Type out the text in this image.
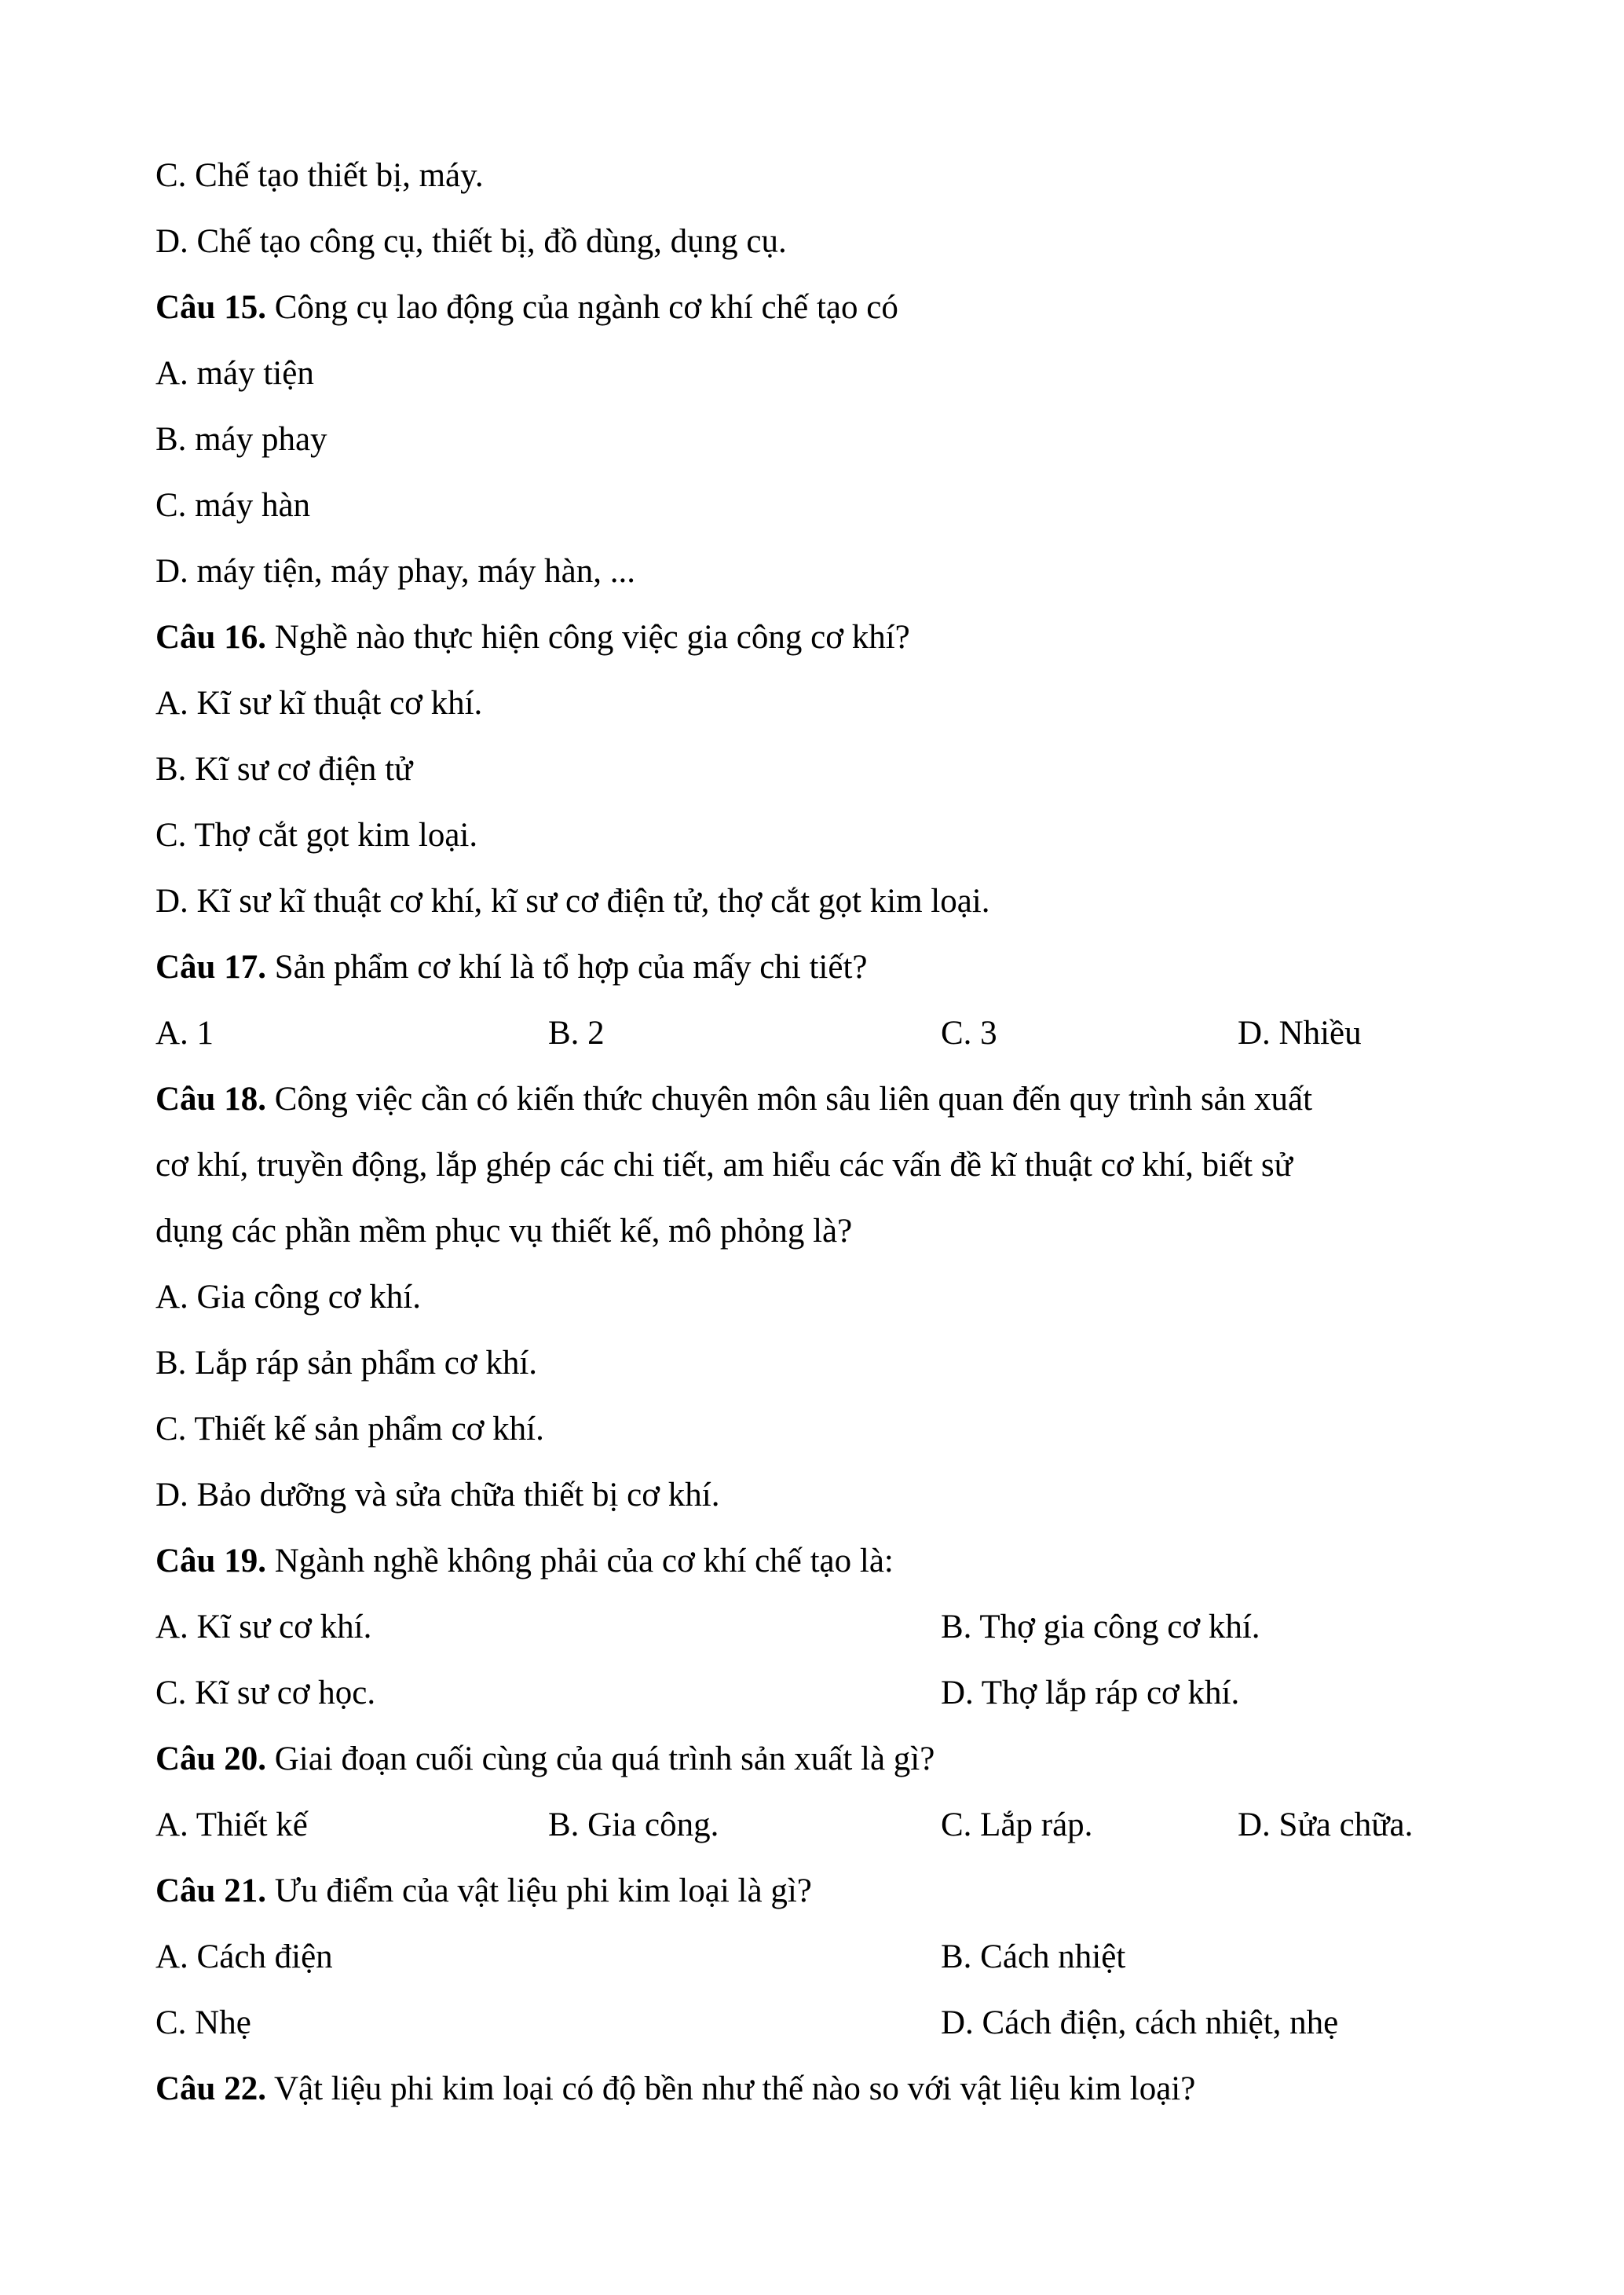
C. Chế tạo thiết bị, máy.
D. Chế tạo công cụ, thiết bị, đồ dùng, dụng cụ.
Câu 15. Công cụ lao động của ngành cơ khí chế tạo có
A. máy tiện
B. máy phay
C. máy hàn
D. máy tiện, máy phay, máy hàn, ...
Câu 16. Nghề nào thực hiện công việc gia công cơ khí?
A. Kĩ sư kĩ thuật cơ khí.
B. Kĩ sư cơ điện tử
C. Thợ cắt gọt kim loại.
D. Kĩ sư kĩ thuật cơ khí, kĩ sư cơ điện tử, thợ cắt gọt kim loại.
Câu 17. Sản phẩm cơ khí là tổ hợp của mấy chi tiết?
A. 1	B. 2	C. 3	D. Nhiều
Câu 18. Công việc cần có kiến thức chuyên môn sâu liên quan đến quy trình sản xuất
cơ khí, truyền động, lắp ghép các chi tiết, am hiểu các vấn đề kĩ thuật cơ khí, biết sử
dụng các phần mềm phục vụ thiết kế, mô phỏng là?
A. Gia công cơ khí.
B. Lắp ráp sản phẩm cơ khí.
C. Thiết kế sản phẩm cơ khí.
D. Bảo dưỡng và sửa chữa thiết bị cơ khí.
Câu 19. Ngành nghề không phải của cơ khí chế tạo là:
A. Kĩ sư cơ khí.	B. Thợ gia công cơ khí.
C. Kĩ sư cơ học.	D. Thợ lắp ráp cơ khí.
Câu 20. Giai đoạn cuối cùng của quá trình sản xuất là gì?
A. Thiết kế	B. Gia công.	C. Lắp ráp.	D. Sửa chữa.
Câu 21. Ưu điểm của vật liệu phi kim loại là gì?
A. Cách điện	B. Cách nhiệt
C. Nhẹ	D. Cách điện, cách nhiệt, nhẹ
Câu 22. Vật liệu phi kim loại có độ bền như thế nào so với vật liệu kim loại?
